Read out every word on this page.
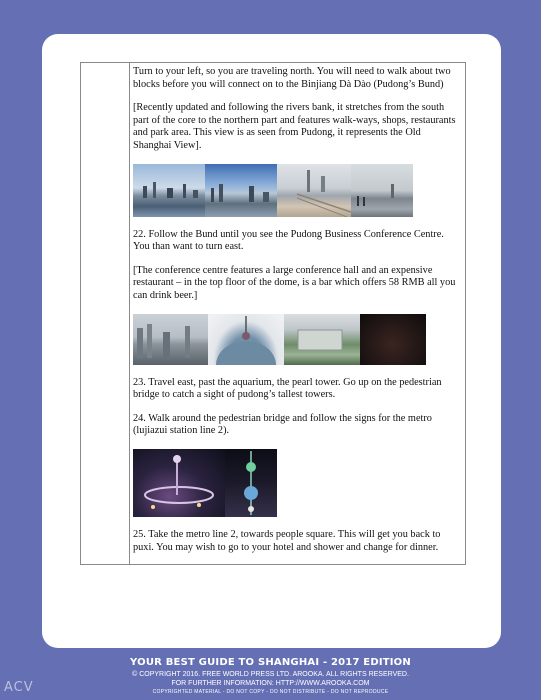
Turn to your left, so you are traveling north. You will need to walk about two blocks before you will connect on to the Binjiang Dà Dào (Pudong’s Bund)

[Recently updated and following the rivers bank, it stretches from the south part of the core to the northern part and features walk-ways, shops, restaurants and park area. This view is as seen from Pudong, it represents the Old Shanghai View].

22. Follow the Bund until you see the Pudong Business Conference Centre. You than want to turn east.

[The conference centre features a large conference hall and an expensive restaurant – in the top floor of the dome, is a bar which offers 58 RMB all you can drink beer.]

23. Travel east, past the aquarium, the pearl tower. Go up on the pedestrian bridge to catch a sight of pudong’s tallest towers.

24. Walk around the pedestrian bridge and follow the signs for the metro (lujiazui station line 2).

25. Take the metro line 2, towards people square. This will get you back to puxi. You may wish to go to your hotel and shower and change for dinner.

YOUR BEST GUIDE TO SHANGHAI - 2017 EDITION
© COPYRIGHT 2016. FREE WORLD PRESS LTD. AROOKA. ALL RIGHTS RESERVED.
FOR FURTHER INFORMATION: HTTP://WWW.AROOKA.COM
COPYRIGHTED MATERIAL - DO NOT COPY - DO NOT DISTRIBUTE - DO NOT REPRODUCE
ACV
